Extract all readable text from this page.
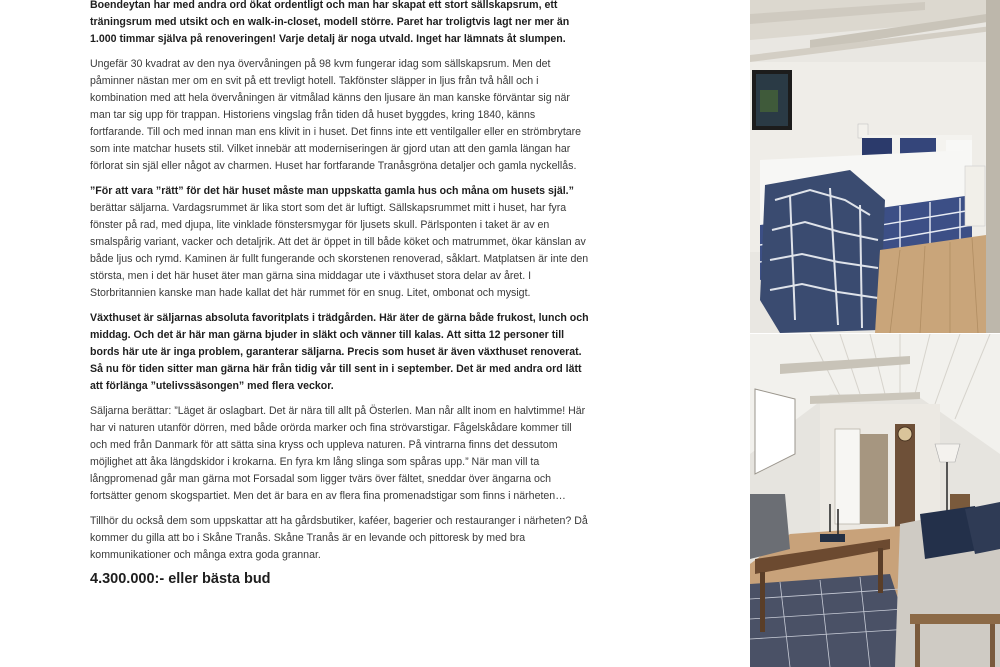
Boendeytan har med andra ord ökat ordentligt och man har skapat ett stort sällskapsrum, ett träningsrum med utsikt och en walk-in-closet, modell större. Paret har troligtvis lagt ner mer än 1.000 timmar själva på renoveringen! Varje detalj är noga utvald. Inget har lämnats åt slumpen.

Ungefär 30 kvadrat av den nya övervåningen på 98 kvm fungerar idag som sällskapsrum. Men det påminner nästan mer om en svit på ett trevligt hotell. Takfönster släpper in ljus från två håll och i kombination med att hela övervåningen är vitmålad känns den ljusare än man kanske förväntar sig när man tar sig upp för trappan. Historiens vingslag från tiden då huset byggdes, kring 1840, känns fortfarande. Till och med innan man ens klivit in i huset. Det finns inte ett ventilgaller eller en strömbrytare som inte matchar husets stil. Vilket innebär att moderniseringen är gjord utan att den gamla längan har förlorat sin själ eller något av charmen. Huset har fortfarande Tranåsgröna detaljer och gamla nyckellås.

”För att vara ”rätt” för det här huset måste man uppskatta gamla hus och måna om husets själ.” berättar säljarna. Vardagsrummet är lika stort som det är luftigt. Sällskapsrummet mitt i huset, har fyra fönster på rad, med djupa, lite vinklade fönstersmygar för ljusets skull. Pärlsponten i taket är av en smalspårig variant, vacker och detaljrik. Att det är öppet in till både köket och matrummet, ökar känslan av både ljus och rymd. Kaminen är fullt fungerande och skorstenen renoverad, såklart. Matplatsen är inte den största, men i det här huset äter man gärna sina middagar ute i växthuset stora delar av året. I Storbritannien kanske man hade kallat det här rummet för en snug. Litet, ombonat och mysigt.

Växthuset är säljarnas absoluta favoritplats i trädgården. Här äter de gärna både frukost, lunch och middag. Och det är här man gärna bjuder in släkt och vänner till kalas. Att sitta 12 personer till bords här ute är inga problem, garanterar säljarna. Precis som huset är även växthuset renoverat. Så nu för tiden sitter man gärna här från tidig vår till sent in i september. Det är med andra ord lätt att förlänga ”utelivssäsongen” med flera veckor.

Säljarna berättar: ”Läget är oslagbart. Det är nära till allt på Österlen. Man når allt inom en halvtimme! Här har vi naturen utanför dörren, med både orörda marker och fina strövarstigar. Fågelskådare kommer till och med från Danmark för att sätta sina kryss och uppleva naturen. På vintrarna finns det dessutom möjlighet att åka längdskidor i krokarna. En fyra km lång slinga som spåras upp.” När man vill ta långpromenad går man gärna mot Forsadal som ligger tvärs över fältet, sneddar över ängarna och fortsätter genom skogspartiet. Men det är bara en av flera fina promenadstigar som finns i närheten…

Tillhör du också dem som uppskattar att ha gårdsbutiker, kaféer, bagerier och restauranger i närheten? Då kommer du gilla att bo i Skåne Tranås. Skåne Tranås är en levande och pittoresk by med bra kommunikationer och många extra goda grannar.

4.300.000:- eller bästa bud
